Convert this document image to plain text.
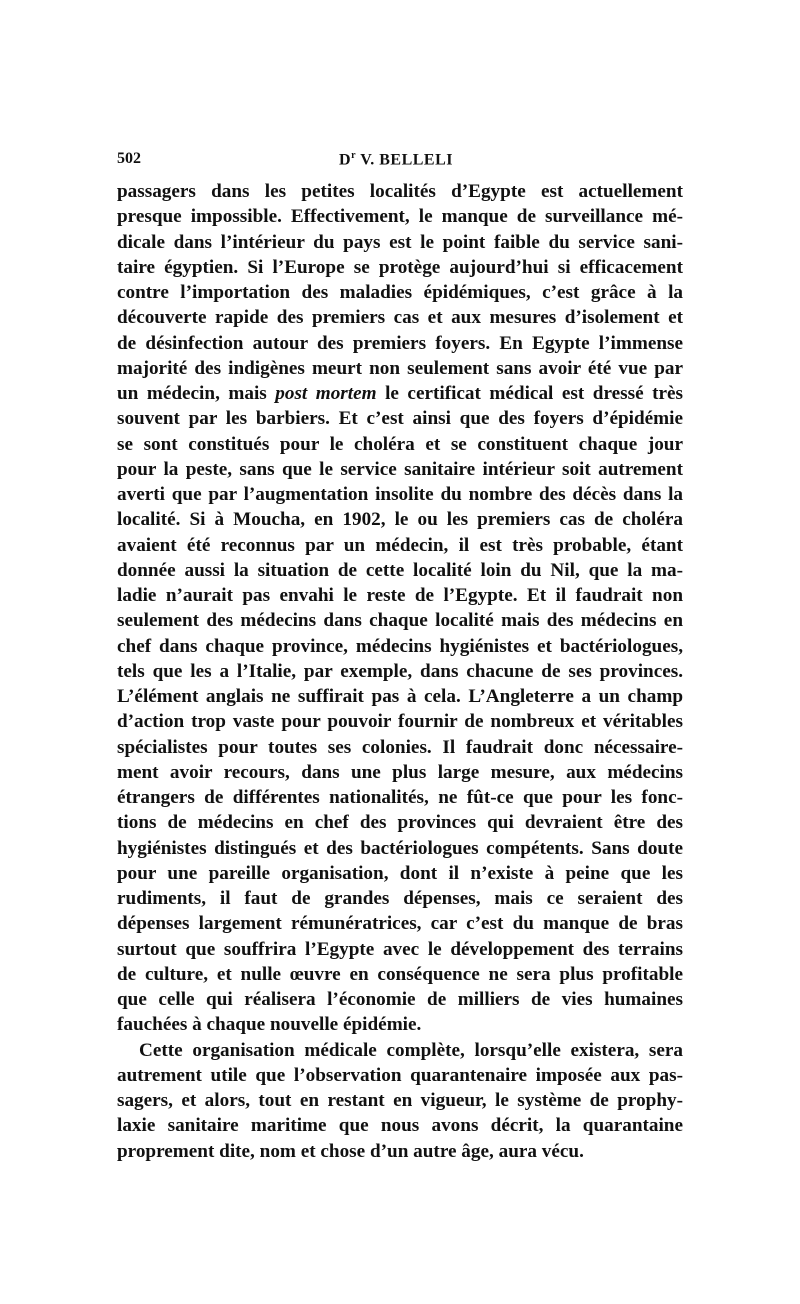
502	$D^r$ V. BELLELI
passagers dans les petites localités d’Egypte est actuellement
presque impossible. Effectivement, le manque de surveillance mé-
dicale dans l’intérieur du pays est le point faible du service sani-
taire égyptien. Si l’Europe se protège aujourd’hui si efficacement
contre l’importation des maladies épidémiques, c’est grâce à la
découverte rapide des premiers cas et aux mesures d’isolement et
de désinfection autour des premiers foyers. En Egypte l’immense
majorité des indigènes meurt non seulement sans avoir été vue par
un médecin, mais post mortem le certificat médical est dressé très
souvent par les barbiers. Et c’est ainsi que des foyers d’épidémie
se sont constitués pour le choléra et se constituent chaque jour
pour la peste, sans que le service sanitaire intérieur soit autrement
averti que par l’augmentation insolite du nombre des décès dans la
localité. Si à Moucha, en 1902, le ou les premiers cas de choléra
avaient été reconnus par un médecin, il est très probable, étant
donnée aussi la situation de cette localité loin du Nil, que la ma-
ladie n’aurait pas envahi le reste de l’Egypte. Et il faudrait non
seulement des médecins dans chaque localité mais des médecins en
chef dans chaque province, médecins hygiénistes et bactériologues,
tels que les a l’Italie, par exemple, dans chacune de ses provinces.
L’élément anglais ne suffirait pas à cela. L’Angleterre a un champ
d’action trop vaste pour pouvoir fournir de nombreux et véritables
spécialistes pour toutes ses colonies. Il faudrait donc nécessaire-
ment avoir recours, dans une plus large mesure, aux médecins
étrangers de différentes nationalités, ne fût-ce que pour les fonc-
tions de médecins en chef des provinces qui devraient être des
hygiénistes distingués et des bactériologues compétents. Sans doute
pour une pareille organisation, dont il n’existe à peine que les
rudiments, il faut de grandes dépenses, mais ce seraient des
dépenses largement rémunératrices, car c’est du manque de bras
surtout que souffrira l’Egypte avec le développement des terrains
de culture, et nulle œuvre en conséquence ne sera plus profitable
que celle qui réalisera l’économie de milliers de vies humaines
fauchées à chaque nouvelle épidémie.
Cette organisation médicale complète, lorsqu’elle existera, sera
autrement utile que l’observation quarantenaire imposée aux pas-
sagers, et alors, tout en restant en vigueur, le système de prophy-
laxie sanitaire maritime que nous avons décrit, la quarantaine
proprement dite, nom et chose d’un autre âge, aura vécu.
